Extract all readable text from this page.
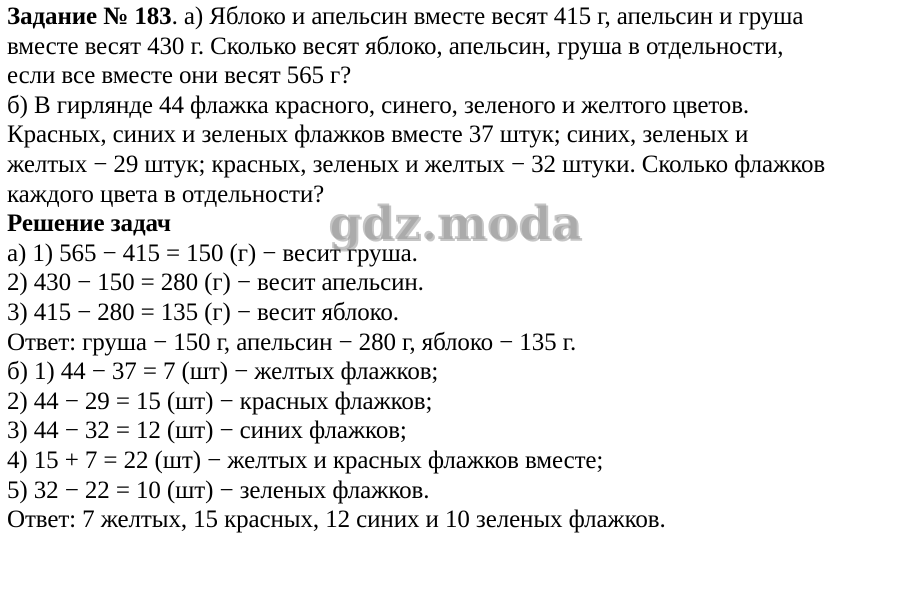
Задание № 183. а) Яблоко и апельсин вместе весят 415 г, апельсин и груша

вместе весят 430 г. Сколько весят яблоко, апельсин, груша в отдельности,

если все вместе они весят 565 г?

б) В гирлянде 44 флажка красного, синего, зеленого и желтого цветов.

Красных, синих и зеленых флажков вместе 37 штук; синих, зеленых и

желтых − 29 штук; красных, зеленых и желтых − 32 штуки. Сколько флажков

каждого цвета в отдельности?

Решение задач

а) 1) 565 − 415 = 150 (г) − весит груша.

2) 430 − 150 = 280 (г) − весит апельсин.

3) 415 − 280 = 135 (г) − весит яблоко.

Ответ: груша − 150 г, апельсин − 280 г, яблоко − 135 г.

б) 1) 44 − 37 = 7 (шт) − желтых флажков;

2) 44 − 29 = 15 (шт) − красных флажков;

3) 44 − 32 = 12 (шт) − синих флажков;

4) 15 + 7 = 22 (шт) − желтых и красных флажков вместе;

5) 32 − 22 = 10 (шт) − зеленых флажков.

Ответ: 7 желтых, 15 красных, 12 синих и 10 зеленых флажков.

gdz.moda
